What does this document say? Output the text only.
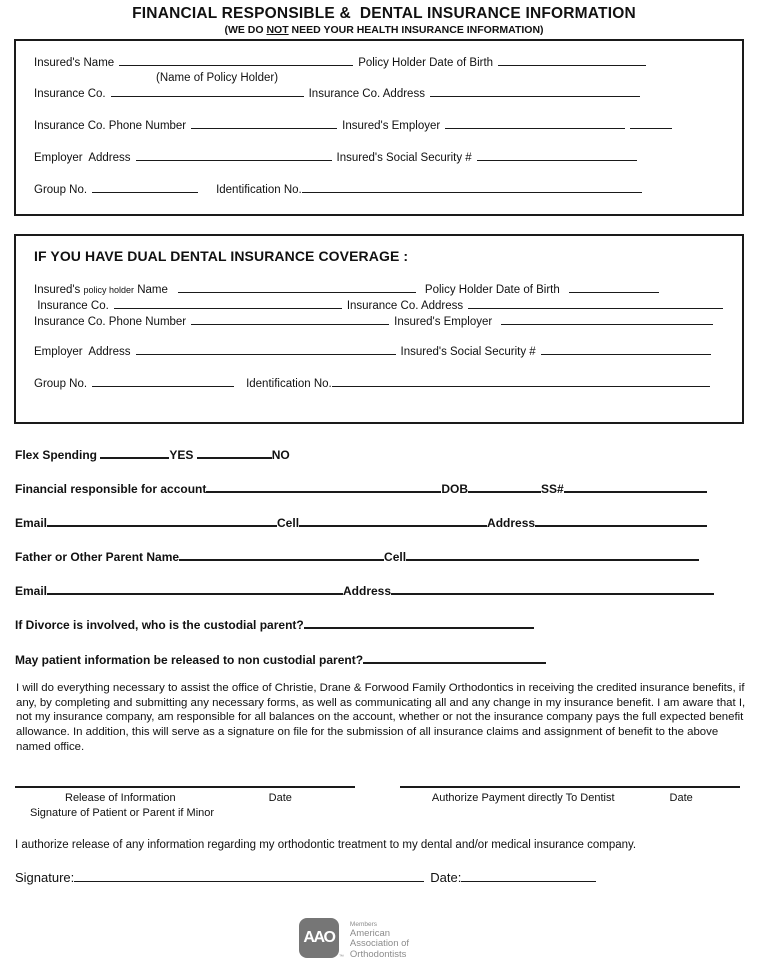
FINANCIAL RESPONSIBLE &  DENTAL INSURANCE INFORMATION
(WE DO NOT NEED YOUR HEALTH INSURANCE INFORMATION)
Insured's Name	Policy Holder Date of Birth
(Name of Policy Holder)
Insurance Co.	Insurance Co. Address
Insurance Co. Phone Number	Insured's Employer
Employer  Address	Insured's Social Security #
Group No.	Identification No.
IF YOU HAVE DUAL DENTAL INSURANCE COVERAGE :
Insured's policy holder Name	Policy Holder Date of Birth
Insurance Co.	Insurance Co. Address
Insurance Co. Phone Number	Insured's Employer
Employer  Address	Insured's Social Security #
Group No.	Identification No.
Flex Spending	YES	NO
Financial responsible for account	DOB	SS#
Email	Cell	Address
Father or Other Parent Name	Cell
Email	Address
If Divorce is involved, who is the custodial parent?
May patient information be released to non custodial parent?
I will do everything necessary to assist the office of Christie, Drane & Forwood Family Orthodontics in receiving the credited insurance benefits, if any, by completing and submitting any necessary forms, as well as communicating all and any change in my insurance benefit. I am aware that I, not my insurance company, am responsible for all balances on the account, whether or not the insurance company pays the full expected benefit allowance. In addition, this will serve as a signature on file for the submission of all insurance claims and assignment of benefit to the above named office.
Release of Information	Date	Authorize Payment directly To Dentist	Date
Signature of Patient or Parent if Minor
I authorize release of any information regarding my orthodontic treatment to my dental and/or medical insurance company.
Signature:	Date:
AAO
™
Members
American
Association of
Orthodontists
